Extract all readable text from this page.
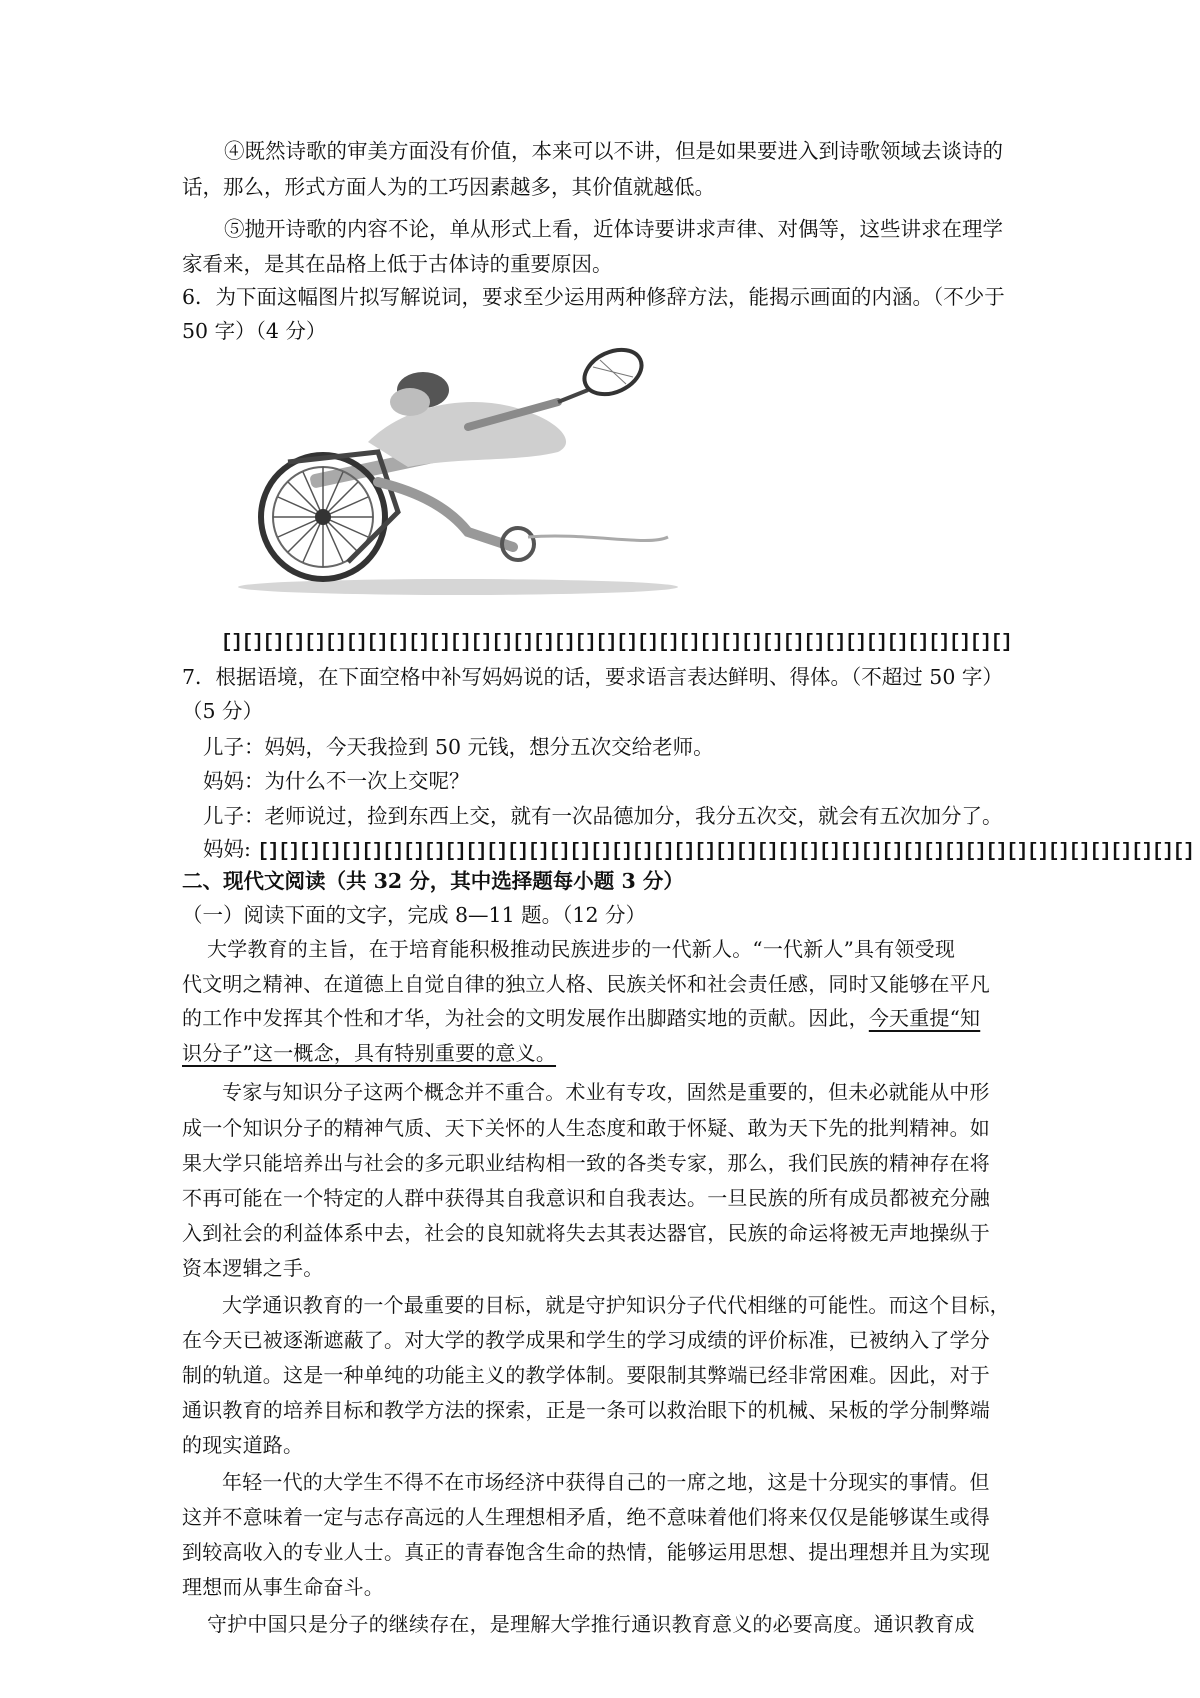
④既然诗歌的审美方面没有价值，本来可以不讲，但是如果要进入到诗歌领域去谈诗的
话，那么，形式方面人为的工巧因素越多，其价值就越低。
⑤抛开诗歌的内容不论，单从形式上看，近体诗要讲求声律、对偶等，这些讲求在理学
家看来，是其在品格上低于古体诗的重要原因。
6．为下面这幅图片拟写解说词，要求至少运用两种修辞方法，能揭示画面的内涵。（不少于
50 字）（4 分）
[][][][][][][][][][][][][][][][][][][][][][][][][][][][][][][][][][][][][][]
7．根据语境，在下面空格中补写妈妈说的话，要求语言表达鲜明、得体。（不超过 50 字）
（5 分）
儿子：妈妈，今天我捡到 50 元钱，想分五次交给老师。
妈妈：为什么不一次上交呢？
儿子：老师说过，捡到东西上交，就有一次品德加分，我分五次交，就会有五次加分了。
妈妈: [][][][][][][][][][][][][][][][][][][][][][][][][][][][][][][][][][][][][][][][][][][][][]
二、现代文阅读（共 32 分，其中选择题每小题 3 分）
（一）阅读下面的文字，完成 8—11 题。（12 分）
大学教育的主旨，在于培育能积极推动民族进步的一代新人。“一代新人”具有领受现
代文明之精神、在道德上自觉自律的独立人格、民族关怀和社会责任感，同时又能够在平凡
的工作中发挥其个性和才华，为社会的文明发展作出脚踏实地的贡献。因此，今天重提“知
识分子”这一概念，具有特别重要的意义。
专家与知识分子这两个概念并不重合。术业有专攻，固然是重要的，但未必就能从中形
成一个知识分子的精神气质、天下关怀的人生态度和敢于怀疑、敢为天下先的批判精神。如
果大学只能培养出与社会的多元职业结构相一致的各类专家，那么，我们民族的精神存在将
不再可能在一个特定的人群中获得其自我意识和自我表达。一旦民族的所有成员都被充分融
入到社会的利益体系中去，社会的良知就将失去其表达器官，民族的命运将被无声地操纵于
资本逻辑之手。
大学通识教育的一个最重要的目标，就是守护知识分子代代相继的可能性。而这个目标，
在今天已被逐渐遮蔽了。对大学的教学成果和学生的学习成绩的评价标准，已被纳入了学分
制的轨道。这是一种单纯的功能主义的教学体制。要限制其弊端已经非常困难。因此，对于
通识教育的培养目标和教学方法的探索，正是一条可以救治眼下的机械、呆板的学分制弊端
的现实道路。
年轻一代的大学生不得不在市场经济中获得自己的一席之地，这是十分现实的事情。但
这并不意味着一定与志存高远的人生理想相矛盾，绝不意味着他们将来仅仅是能够谋生或得
到较高收入的专业人士。真正的青春饱含生命的热情，能够运用思想、提出理想并且为实现
理想而从事生命奋斗。
守护中国只是分子的继续存在，是理解大学推行通识教育意义的必要高度。通识教育成
